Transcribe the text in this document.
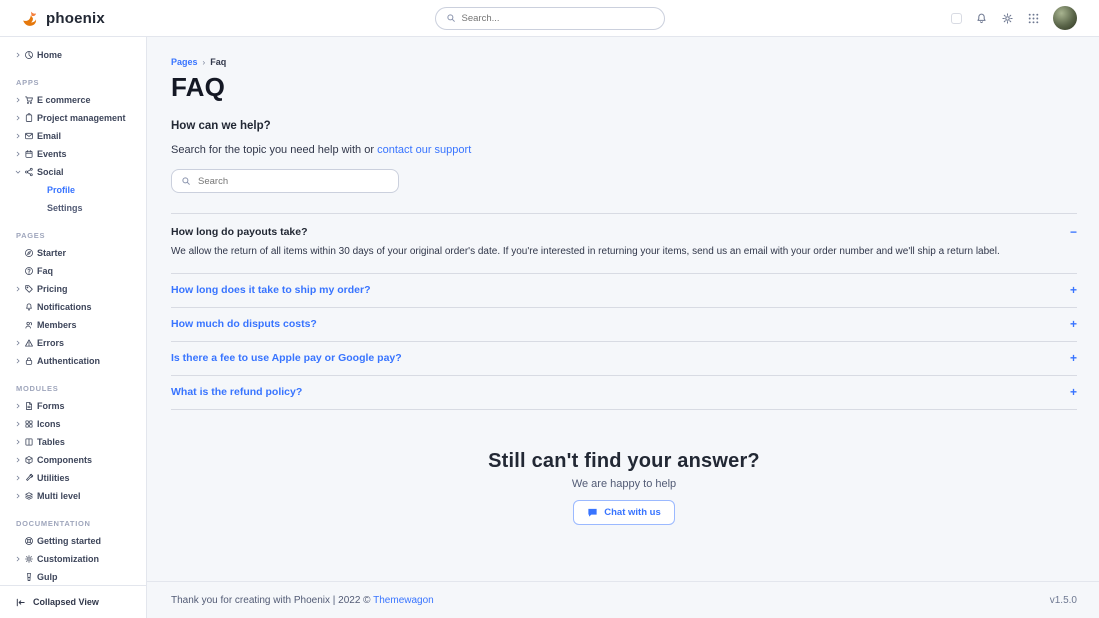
phoenix
Search...
Home
APPS
E commerce
Project management
Email
Events
Social
Profile
Settings
PAGES
Starter
Faq
Pricing
Notifications
Members
Errors
Authentication
MODULES
Forms
Icons
Tables
Components
Utilities
Multi level
DOCUMENTATION
Getting started
Customization
Gulp
Collapsed View
Pages › Faq
FAQ
How can we help?
Search for the topic you need help with or contact our support
Search
How long do payouts take?	−
We allow the return of all items within 30 days of your original order's date. If you're interested in returning your items, send us an email with your order number and we'll ship a return label.
How long does it take to ship my order?	+
How much do disputs costs?	+
Is there a fee to use Apple pay or Google pay?	+
What is the refund policy?	+
Still can't find your answer?
We are happy to help
Chat with us
Thank you for creating with Phoenix | 2022 © Themewagon	v1.5.0
